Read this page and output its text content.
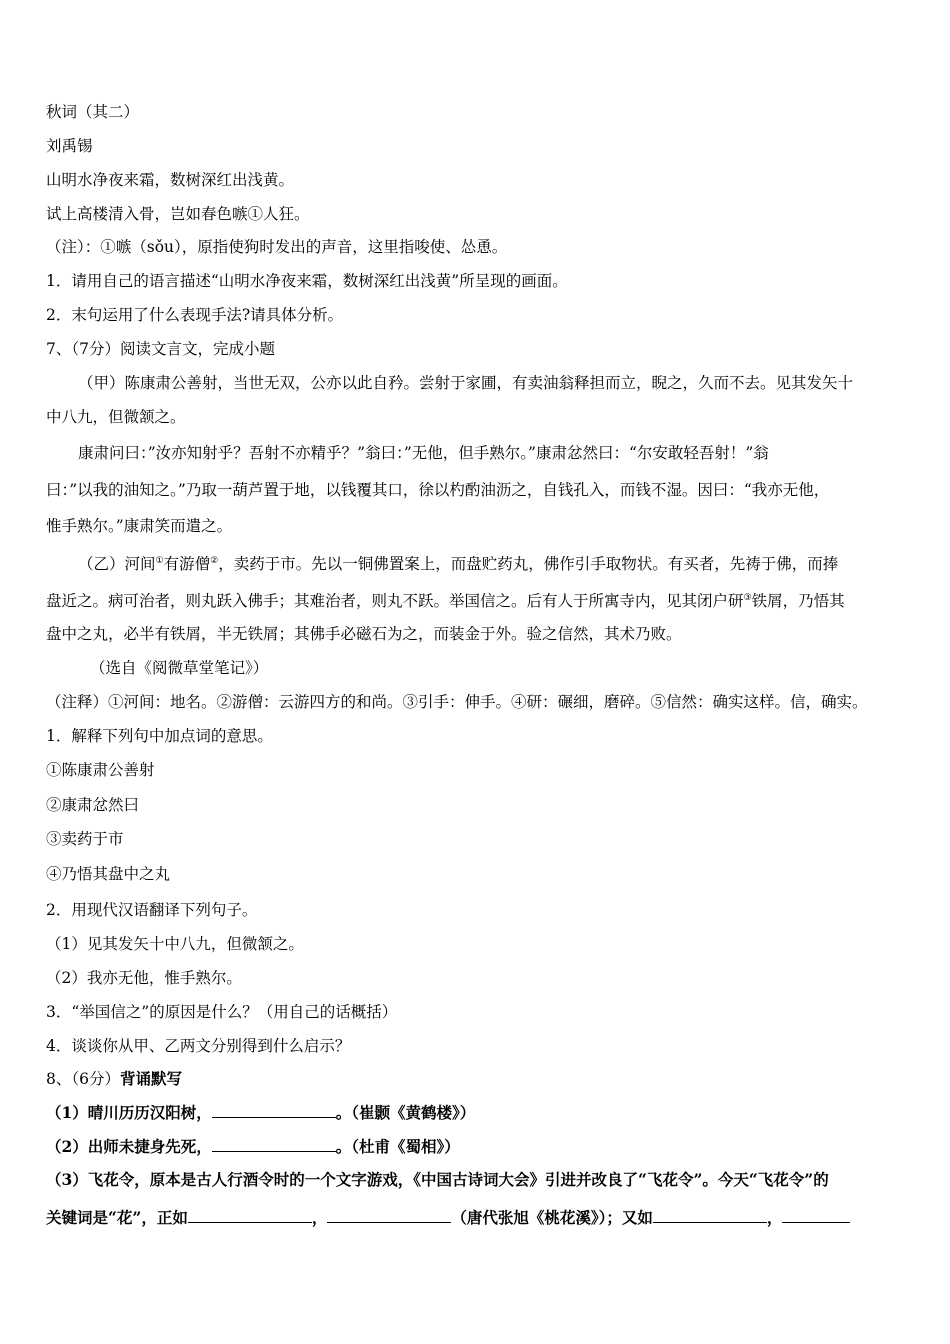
秋词（其二）
刘禹锡
山明水净夜来霜，数树深红出浅黄。
试上高楼清入骨，岂如春色嗾①人狂。
（注）：①嗾（sǒu），原指使狗时发出的声音，这里指唆使、怂恿。
1．请用自己的语言描述“山明水净夜来霜，数树深红出浅黄”所呈现的画面。
2．末句运用了什么表现手法?请具体分析。
7、（7分）阅读文言文，完成小题
（甲）陈康肃公善射，当世无双，公亦以此自矜。尝射于家圃，有卖油翁释担而立，睨之，久而不去。见其发矢十
中八九，但微颔之。
康肃问曰：”汝亦知射乎？吾射不亦精乎？”翁曰：”无他，但手熟尔。”康肃忿然曰：“尔安敢轻吾射！”翁
曰：”以我的油知之。”乃取一葫芦置于地，以钱覆其口，徐以杓酌油沥之，自钱孔入，而钱不湿。因曰：“我亦无他，
惟手熟尔。”康肃笑而遣之。
（乙）河间①有游僧②，卖药于市。先以一铜佛置案上，而盘贮药丸，佛作引手取物状。有买者，先祷于佛，而捧
盘近之。病可治者，则丸跃入佛手；其难治者，则丸不跃。举国信之。后有人于所寓寺内，见其闭户研③铁屑，乃悟其
盘中之丸，必半有铁屑，半无铁屑；其佛手必磁石为之，而装金于外。验之信然，其术乃败。
（选自《阅微草堂笔记》）
（注释）①河间：地名。②游僧：云游四方的和尚。③引手：伸手。④研：碾细，磨碎。⑤信然：确实这样。信，确实。
1．解释下列句中加点词的意思。
①陈康肃公善射
②康肃忿然曰
③卖药于市
④乃悟其盘中之丸
2．用现代汉语翻译下列句子。
（1）见其发矢十中八九，但微颔之。
（2）我亦无他，惟手熟尔。
3．“举国信之”的原因是什么？（用自己的话概括）
4．谈谈你从甲、乙两文分别得到什么启示？
8、（6分）背诵默写
（1）晴川历历汉阳树，	。（崔颢《黄鹤楼》）
（2）出师未捷身先死，	。（杜甫《蜀相》）
（3）飞花令，原本是古人行酒令时的一个文字游戏，《中国古诗词大会》引进并改良了“飞花令”。今天“飞花令”的
关键词是“花”，正如	，	（唐代张旭《桃花溪》）；又如	，
